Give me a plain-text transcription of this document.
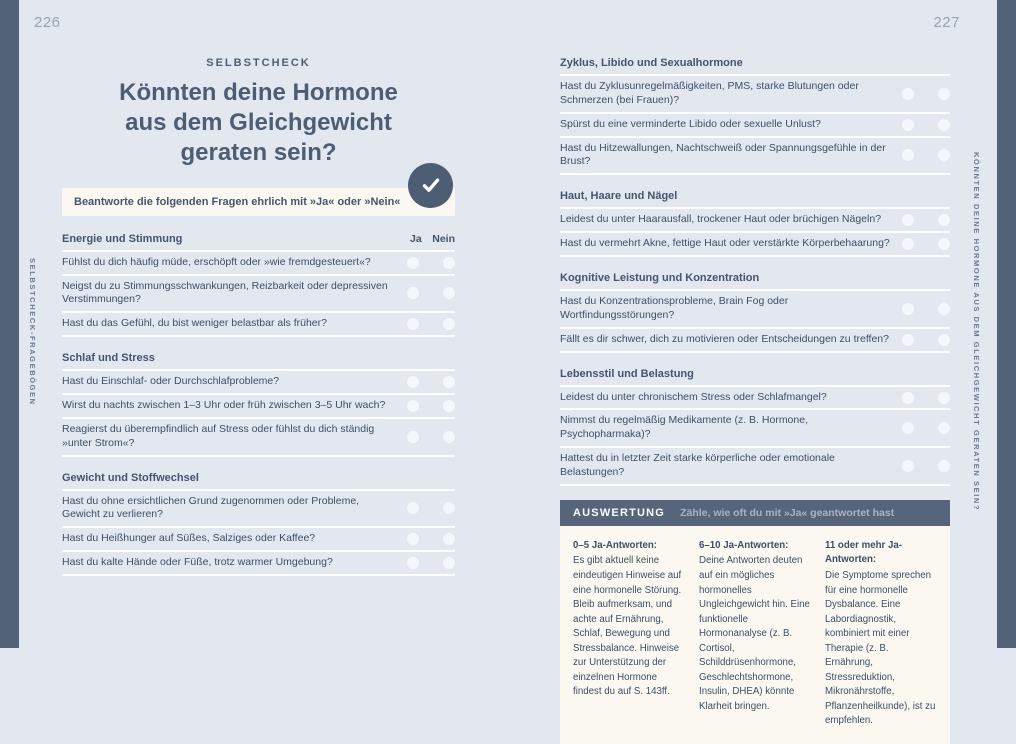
226	227
SELBSTCHECK-FRAGEBÖGEN	KÖNNTEN DEINE HORMONE AUS DEM GLEICHGEWICHT GERATEN SEIN?
SELBSTCHECK
Könnten deine Hormone
aus dem Gleichgewicht
geraten sein?
Beantworte die folgenden Fragen ehrlich mit »Ja« oder »Nein«
Energie und Stimmung	Ja Nein
Fühlst du dich häufig müde, erschöpft oder »wie fremdgesteuert«?
Neigst du zu Stimmungsschwankungen, Reizbarkeit oder depressiven Verstimmungen?
Hast du das Gefühl, du bist weniger belastbar als früher?
Schlaf und Stress
Hast du Einschlaf- oder Durchschlafprobleme?
Wirst du nachts zwischen 1–3 Uhr oder früh zwischen 3–5 Uhr wach?
Reagierst du überempfindlich auf Stress oder fühlst du dich ständig »unter Strom«?
Gewicht und Stoffwechsel
Hast du ohne ersichtlichen Grund zugenommen oder Probleme, Gewicht zu verlieren?
Hast du Heißhunger auf Süßes, Salziges oder Kaffee?
Hast du kalte Hände oder Füße, trotz warmer Umgebung?
Zyklus, Libido und Sexualhormone
Hast du Zyklusunregelmäßigkeiten, PMS, starke Blutungen oder Schmerzen (bei Frauen)?
Spürst du eine verminderte Libido oder sexuelle Unlust?
Hast du Hitzewallungen, Nachtschweiß oder Spannungsgefühle in der Brust?
Haut, Haare und Nägel
Leidest du unter Haarausfall, trockener Haut oder brüchigen Nägeln?
Hast du vermehrt Akne, fettige Haut oder verstärkte Körperbehaarung?
Kognitive Leistung und Konzentration
Hast du Konzentrationsprobleme, Brain Fog oder Wortfindungsstörungen?
Fällt es dir schwer, dich zu motivieren oder Entscheidungen zu treffen?
Lebensstil und Belastung
Leidest du unter chronischem Stress oder Schlafmangel?
Nimmst du regelmäßig Medikamente (z. B. Hormone, Psychopharmaka)?
Hattest du in letzter Zeit starke körperliche oder emotionale Belastungen?
AUSWERTUNG Zähle, wie oft du mit »Ja« geantwortet hast
0–5 Ja-Antworten:
Es gibt aktuell keine eindeutigen Hinweise auf eine hormonelle Störung. Bleib aufmerksam, und achte auf Ernährung, Schlaf, Bewegung und Stressbalance. Hinweise zur Unterstützung der einzelnen Hormone findest du auf S. 143ff.
6–10 Ja-Antworten:
Deine Antworten deuten auf ein mögliches hormonelles Ungleichgewicht hin. Eine funktionelle Hormonanalyse (z. B. Cortisol, Schilddrüsenhormone, Geschlechtshormone, Insulin, DHEA) könnte Klarheit bringen.
11 oder mehr Ja-Antworten:
Die Symptome sprechen für eine hormonelle Dysbalance. Eine Labordiagnostik, kombiniert mit einer Therapie (z. B. Ernährung, Stressreduktion, Mikronährstoffe, Pflanzenheilkunde), ist zu empfehlen.
